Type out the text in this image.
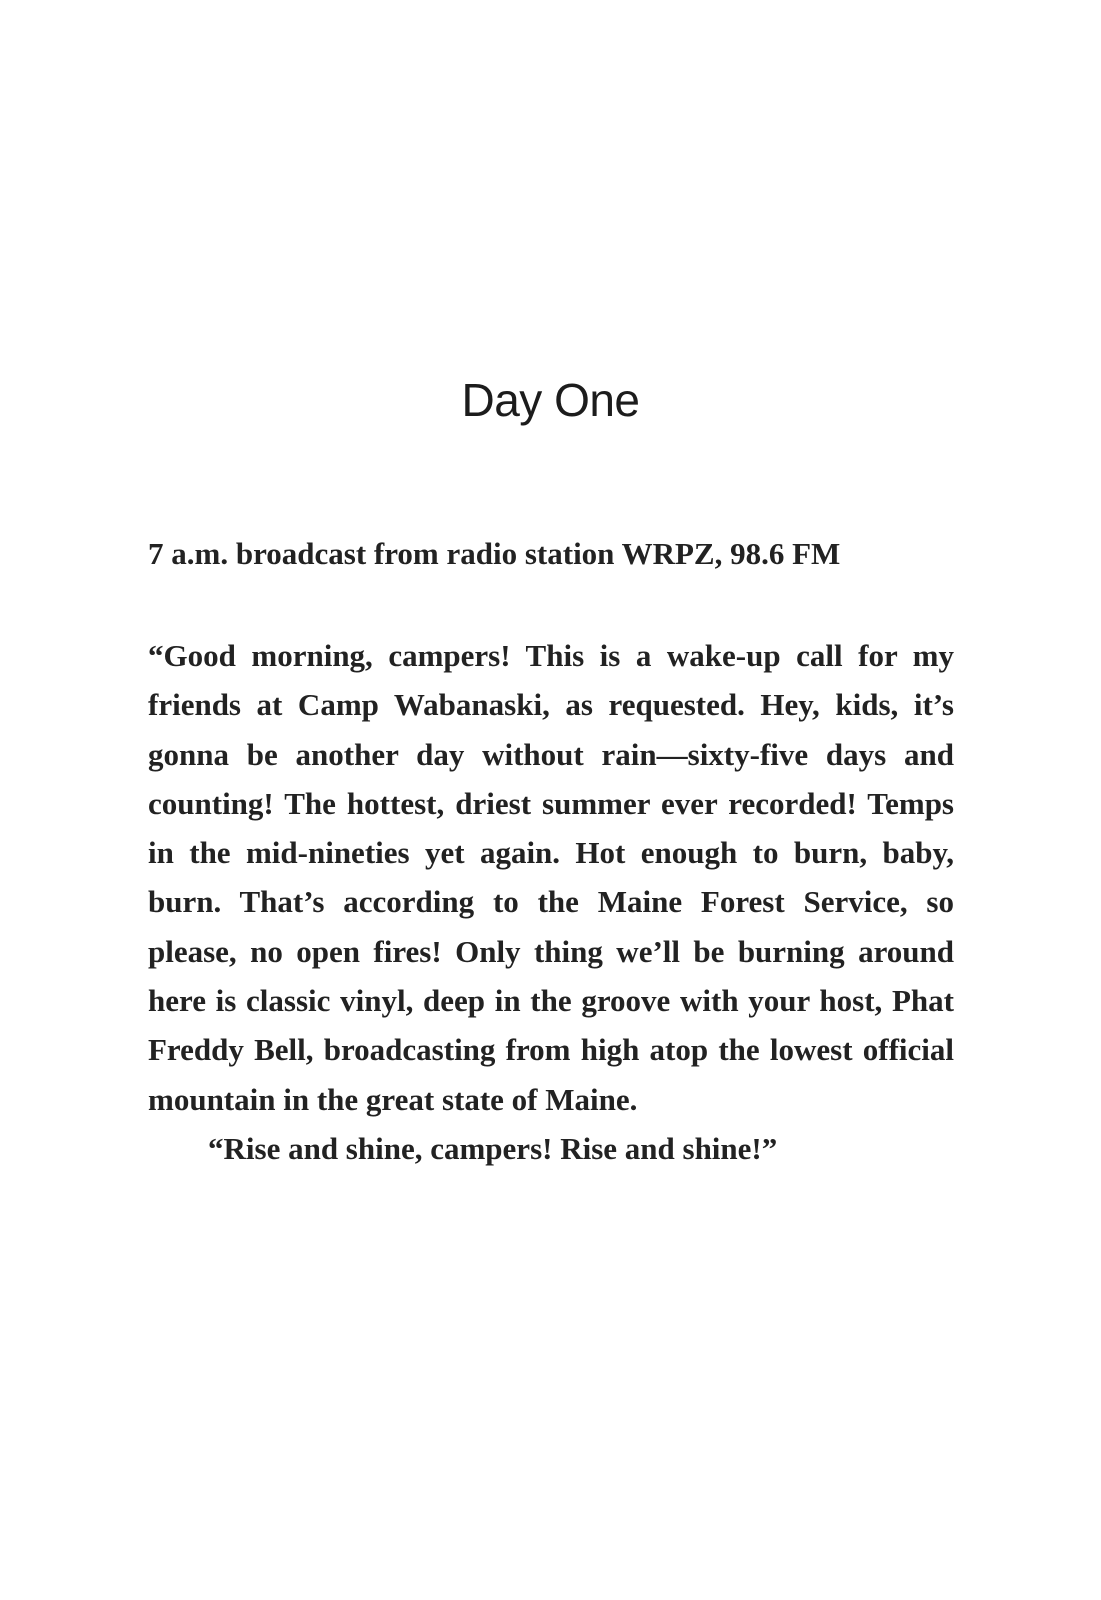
Day One

7 a.m. broadcast from radio station WRPZ, 98.6 FM

“Good morning, campers! This is a wake-up call for my friends at Camp Wabanaski, as requested. Hey, kids, it’s gonna be another day without rain—sixty-five days and counting! The hottest, driest summer ever recorded! Temps in the mid-nineties yet again. Hot enough to burn, baby, burn. That’s according to the Maine Forest Service, so please, no open fires! Only thing we’ll be burning around here is classic vinyl, deep in the groove with your host, Phat Freddy Bell, broadcasting from high atop the lowest official mountain in the great state of Maine.

“Rise and shine, campers! Rise and shine!”
